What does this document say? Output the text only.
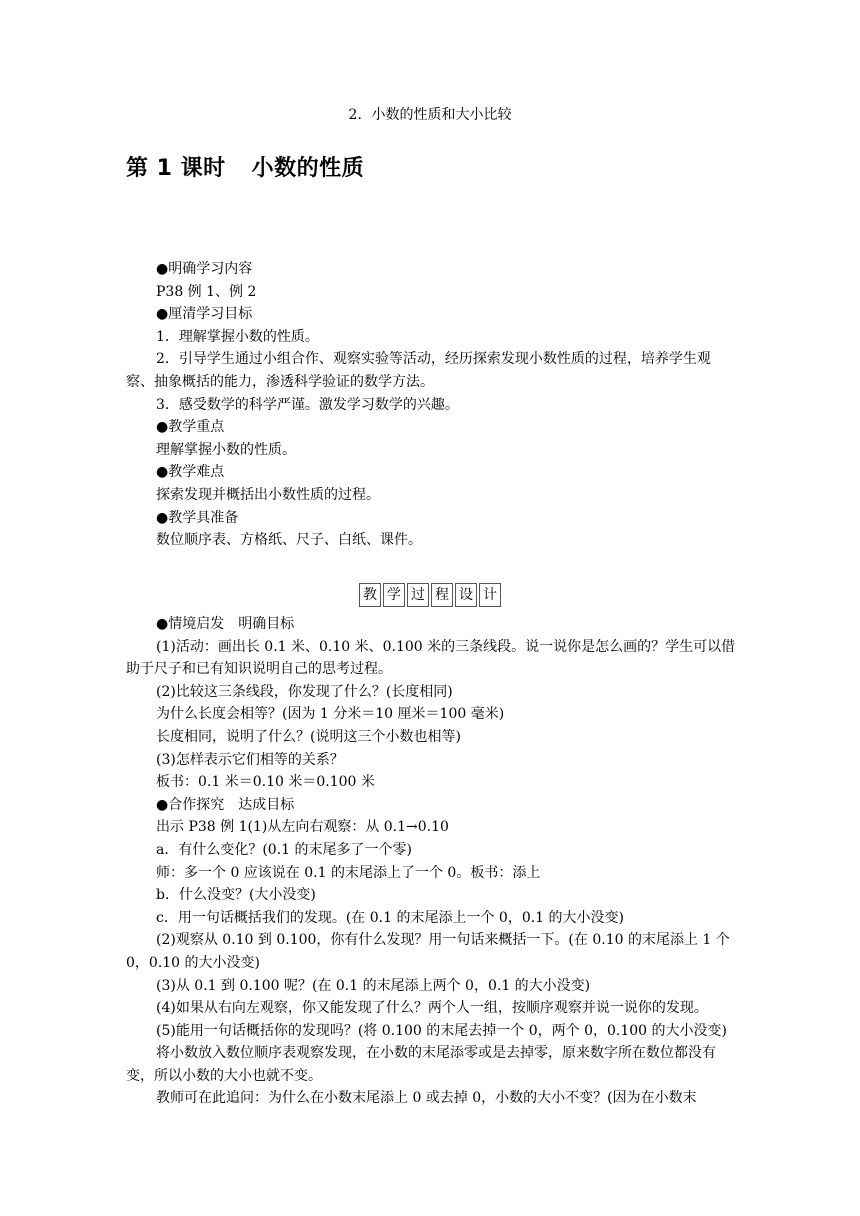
2．小数的性质和大小比较
第 1 课时 小数的性质

●明确学习内容

P38 例 1、例 2

●厘清学习目标

1．理解掌握小数的性质。

2．引导学生通过小组合作、观察实验等活动，经历探索发现小数性质的过程，培养学生观察、抽象概括的能力，渗透科学验证的数学方法。

3．感受数学的科学严谨。激发学习数学的兴趣。

●教学重点

理解掌握小数的性质。

●教学难点

探索发现并概括出小数性质的过程。

●教学具准备

数位顺序表、方格纸、尺子、白纸、课件。

教 学 过 程 设 计

●情境启发　明确目标

(1)活动：画出长 0.1 米、0.10 米、0.100 米的三条线段。说一说你是怎么画的？学生可以借助于尺子和已有知识说明自己的思考过程。

(2)比较这三条线段，你发现了什么？(长度相同)

为什么长度会相等？(因为 1 分米＝10 厘米＝100 毫米)

长度相同，说明了什么？(说明这三个小数也相等)

(3)怎样表示它们相等的关系？

板书：0.1 米＝0.10 米＝0.100 米

●合作探究　达成目标

出示 P38 例 1(1)从左向右观察：从 0.1→0.10

a．有什么变化？(0.1 的末尾多了一个零)

师：多一个 0 应该说在 0.1 的末尾添上了一个 0。板书：添上

b．什么没变？(大小没变)

c．用一句话概括我们的发现。(在 0.1 的末尾添上一个 0，0.1 的大小没变)

(2)观察从 0.10 到 0.100，你有什么发现？用一句话来概括一下。(在 0.10 的末尾添上 1 个 0，0.10 的大小没变)

(3)从 0.1 到 0.100 呢？(在 0.1 的末尾添上两个 0，0.1 的大小没变)

(4)如果从右向左观察，你又能发现了什么？两个人一组，按顺序观察并说一说你的发现。

(5)能用一句话概括你的发现吗？(将 0.100 的末尾去掉一个 0，两个 0，0.100 的大小没变)

将小数放入数位顺序表观察发现，在小数的末尾添零或是去掉零，原来数字所在数位都没有变，所以小数的大小也就不变。

教师可在此追问：为什么在小数末尾添上 0 或去掉 0，小数的大小不变？(因为在小数末
